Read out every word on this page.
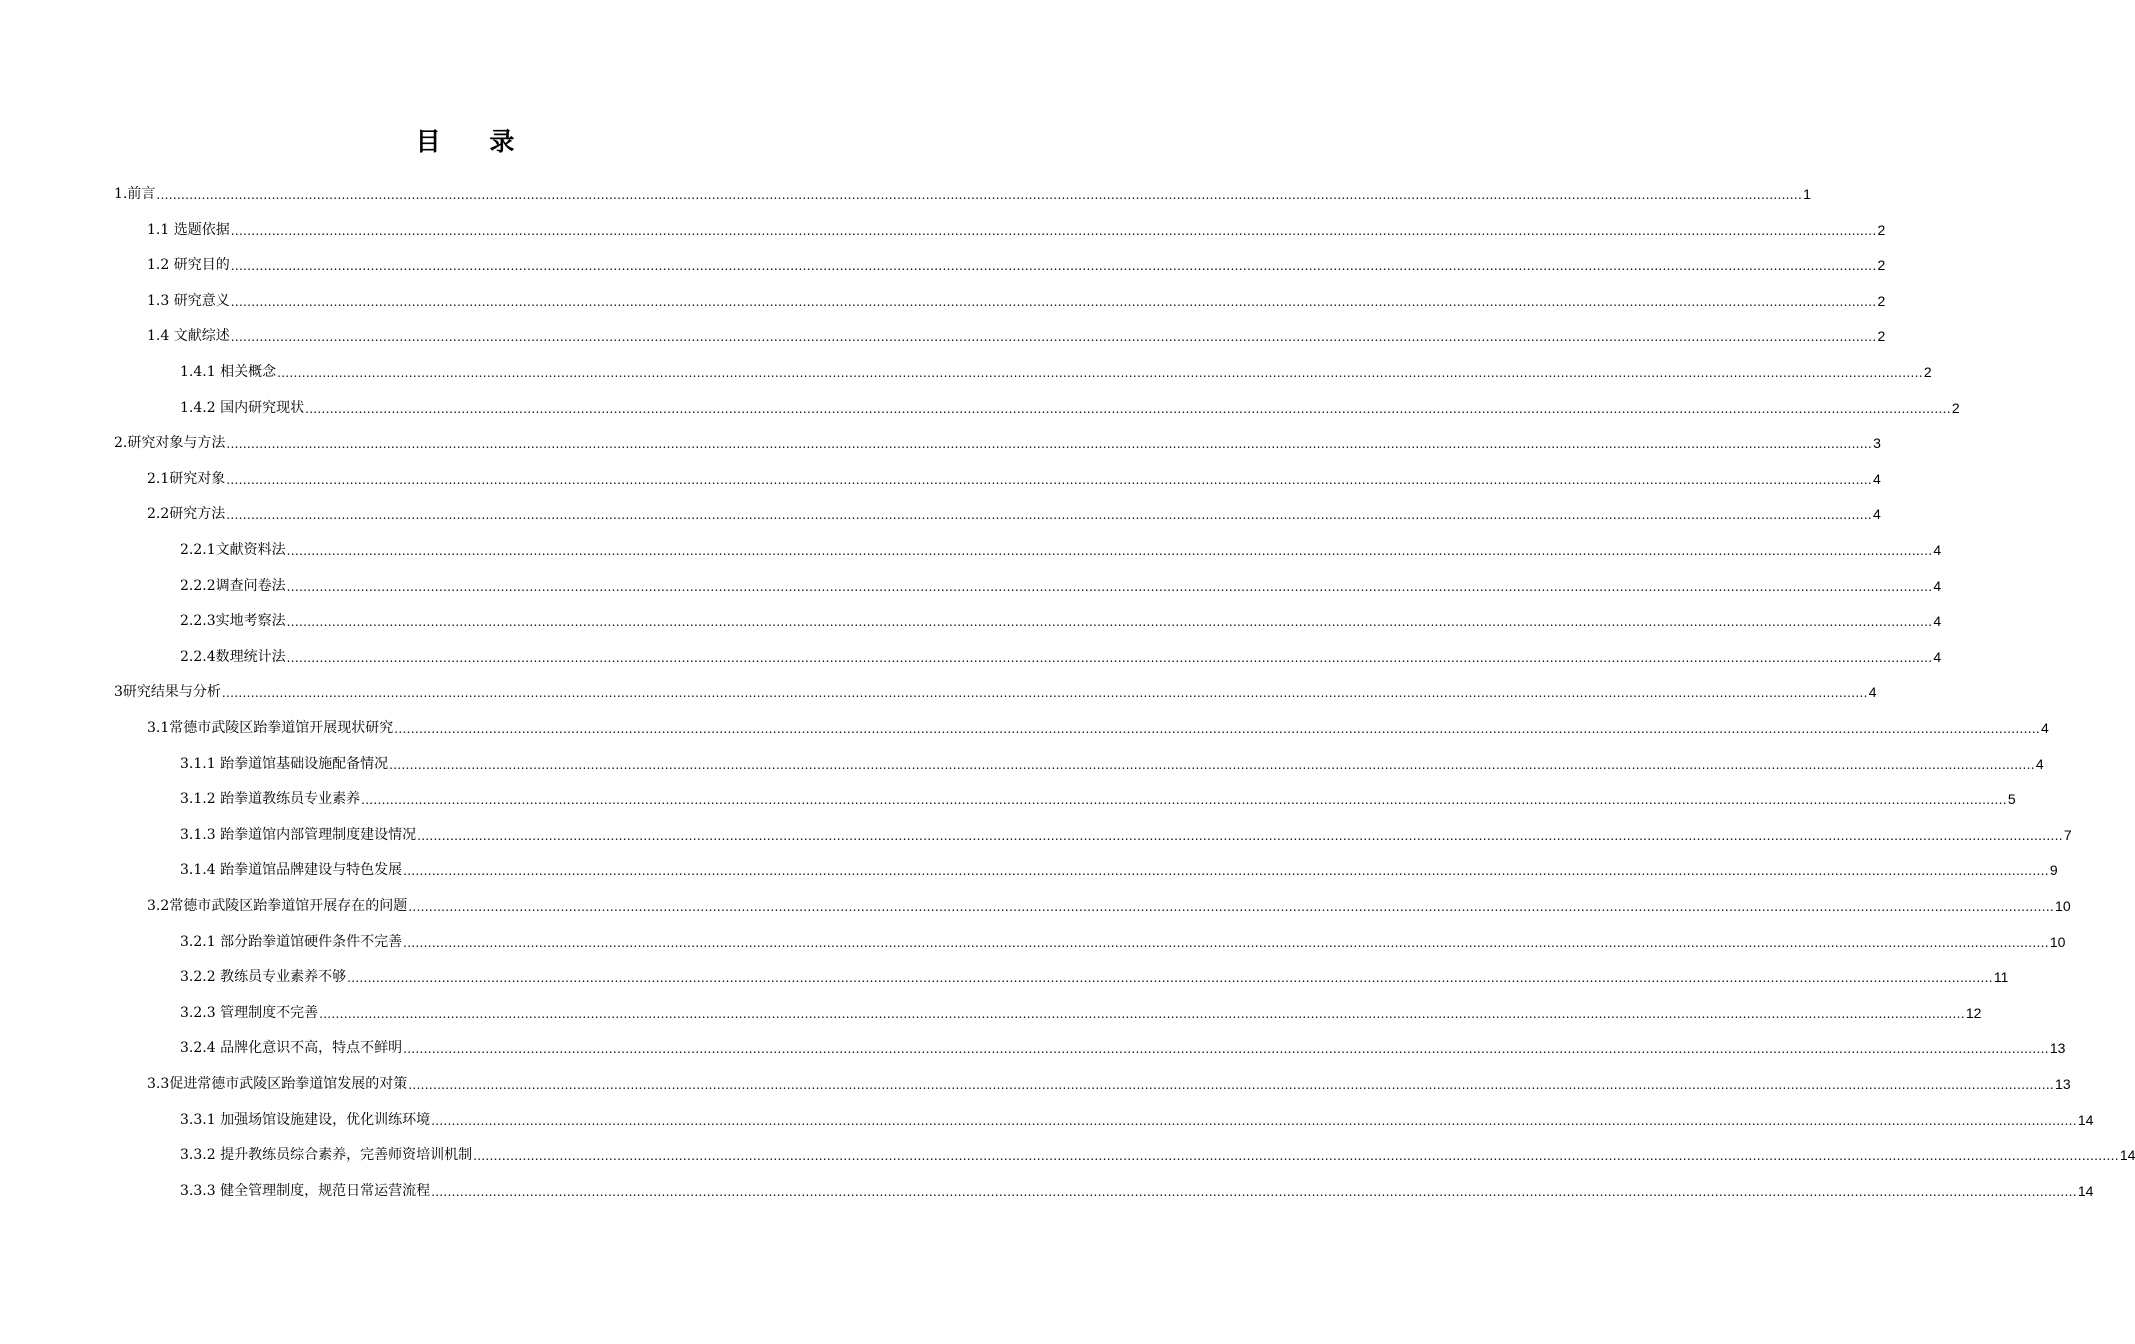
目 录
1.前言 ................................................................................................................................................................................................................................................................................................................................................................................................................ 1
1.1 选题依据 ................................................................................................................................................................................................................................................................................................................................................................................................................ 2
1.2 研究目的 ................................................................................................................................................................................................................................................................................................................................................................................................................ 2
1.3 研究意义 ................................................................................................................................................................................................................................................................................................................................................................................................................ 2
1.4 文献综述 ................................................................................................................................................................................................................................................................................................................................................................................................................ 2
1.4.1 相关概念 ................................................................................................................................................................................................................................................................................................................................................................................................................ 2
1.4.2 国内研究现状 ................................................................................................................................................................................................................................................................................................................................................................................................................ 2
2.研究对象与方法 ................................................................................................................................................................................................................................................................................................................................................................................................................ 3
2.1研究对象 ................................................................................................................................................................................................................................................................................................................................................................................................................ 4
2.2研究方法 ................................................................................................................................................................................................................................................................................................................................................................................................................ 4
2.2.1文献资料法 ................................................................................................................................................................................................................................................................................................................................................................................................................ 4
2.2.2调查问卷法 ................................................................................................................................................................................................................................................................................................................................................................................................................ 4
2.2.3实地考察法 ................................................................................................................................................................................................................................................................................................................................................................................................................ 4
2.2.4数理统计法 ................................................................................................................................................................................................................................................................................................................................................................................................................ 4
3研究结果与分析 ................................................................................................................................................................................................................................................................................................................................................................................................................ 4
3.1常德市武陵区跆拳道馆开展现状研究 ................................................................................................................................................................................................................................................................................................................................................................................................................ 4
3.1.1 跆拳道馆基础设施配备情况 ................................................................................................................................................................................................................................................................................................................................................................................................................ 4
3.1.2 跆拳道教练员专业素养 ................................................................................................................................................................................................................................................................................................................................................................................................................ 5
3.1.3 跆拳道馆内部管理制度建设情况 ................................................................................................................................................................................................................................................................................................................................................................................................................ 7
3.1.4 跆拳道馆品牌建设与特色发展 ................................................................................................................................................................................................................................................................................................................................................................................................................ 9
3.2常德市武陵区跆拳道馆开展存在的问题 ................................................................................................................................................................................................................................................................................................................................................................................................................ 10
3.2.1 部分跆拳道馆硬件条件不完善 ................................................................................................................................................................................................................................................................................................................................................................................................................ 10
3.2.2 教练员专业素养不够 ................................................................................................................................................................................................................................................................................................................................................................................................................ 11
3.2.3 管理制度不完善 ................................................................................................................................................................................................................................................................................................................................................................................................................ 12
3.2.4 品牌化意识不高，特点不鲜明 ................................................................................................................................................................................................................................................................................................................................................................................................................ 13
3.3促进常德市武陵区跆拳道馆发展的对策 ................................................................................................................................................................................................................................................................................................................................................................................................................ 13
3.3.1 加强场馆设施建设，优化训练环境 ................................................................................................................................................................................................................................................................................................................................................................................................................ 14
3.3.2 提升教练员综合素养，完善师资培训机制 ................................................................................................................................................................................................................................................................................................................................................................................................................ 14
3.3.3 健全管理制度，规范日常运营流程 ................................................................................................................................................................................................................................................................................................................................................................................................................ 14
